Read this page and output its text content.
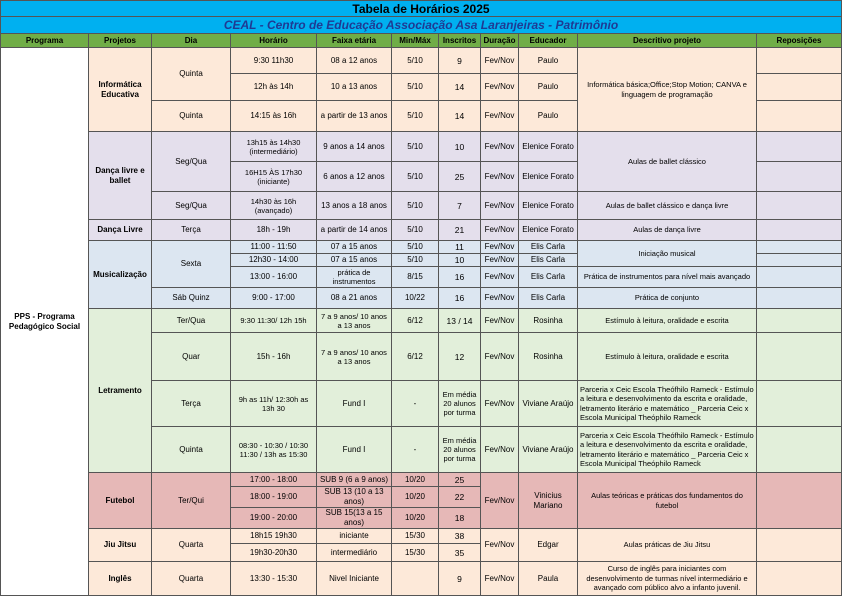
Tabela de Horários 2025										
CEAL - Centro de Educação Associação Asa Laranjeiras - Patrimônio										
Programa	Projetos	Dia	Horário	Faixa etária	Min/Máx	Inscritos	Duração	Educador	Descritivo projeto	Reposições
PPS - Programa Pedagógico Social	Informática Educativa	Quinta	9:30 11h30	08 a 12 anos	5/10	9	Fev/Nov	Paulo	Informática básica;Office;Stop Motion; CANVA e linguagem de programação	
			12h às 14h	10 a 13 anos	5/10	14	Fev/Nov	Paulo		
		Quinta	14:15 às 16h	a partir de 13 anos	5/10	14	Fev/Nov	Paulo		
	Dança livre e ballet	Seg/Qua	13h15 às 14h30 (intermediário)	9 anos a 14 anos	5/10	10	Fev/Nov	Elenice Forato	Aulas de ballet clássico	
			16H15 ÀS 17h30 (iniciante)	6 anos a 12 anos	5/10	25	Fev/Nov	Elenice Forato		
		Seg/Qua	14h30 às 16h (avançado)	13 anos a 18 anos	5/10	7	Fev/Nov	Elenice Forato	Aulas de ballet clássico e dança livre	
	Dança Livre	Terça	18h - 19h	a partir de 14 anos	5/10	21	Fev/Nov	Elenice Forato	Aulas de dança livre	
	Musicalização	Sexta	11:00 - 11:50	07 a 15 anos	5/10	11	Fev/Nov	Elis Carla	Iniciação musical	
			12h30 - 14:00	07 a 15 anos	5/10	10	Fev/Nov	Elis Carla		
			13:00 - 16:00	prática de instrumentos	8/15	16	Fev/Nov	Elis Carla	Prática de instrumentos para nível mais avançado	
		Sáb Quinz	9:00 - 17:00	08 a 21 anos	10/22	16	Fev/Nov	Elis Carla	Prática de conjunto	
	Letramento	Ter/Qua	9:30 11:30/ 12h 15h	7 a 9 anos/ 10 anos a 13 anos	6/12	13 / 14	Fev/Nov	Rosinha	Estímulo à leitura, oralidade e escrita	
		Quar	15h - 16h	7 a 9 anos/ 10 anos a 13 anos	6/12	12	Fev/Nov	Rosinha	Estímulo à leitura, oralidade e escrita	
		Terça	9h as 11h/ 12:30h as 13h 30	Fund I	-	Em média 20 alunos por turma	Fev/Nov	Viviane Araújo	Parceria x Ceic Escola Theófhilo Rameck - Estímulo a leitura e desenvolvimento da escrita e oralidade, letramento literário e matemático _ Parceria Ceic x Escola Municipal Theóphilo Rameck	
		Quinta	08:30 - 10:30 / 10:30 11:30 / 13h as 15:30	Fund I	-	Em média 20 alunos por turma	Fev/Nov	Viviane Araújo	Parceria x Ceic Escola Theófhilo Rameck - Estímulo a leitura e desenvolvimento da escrita e oralidade, letramento literário e matemático _ Parceria Ceic x Escola Municipal Theóphilo Rameck	
	Futebol	Ter/Qui	17:00 - 18:00	SUB 9 (6 a 9 anos)	10/20	25	Fev/Nov	Vinicius Mariano	Aulas teóricas e práticas dos fundamentos do futebol	
			18:00 - 19:00	SUB 13 (10 a 13 anos)	10/20	22				
			19:00 - 20:00	SUB 15(13 a 15 anos)	10/20	18				
	Jiu Jitsu	Quarta	18h15 19h30	iniciante	15/30	38	Fev/Nov	Edgar	Aulas práticas de Jiu Jitsu	
			19h30-20h30	intermediário	15/30	35				
	Inglês	Quarta	13:30 - 15:30	Nivel Iniciante		9	Fev/Nov	Paula	Curso de inglês para iniciantes com desenvolvimento de turmas nível intermediário e avançado com público alvo a infanto juvenil.	
